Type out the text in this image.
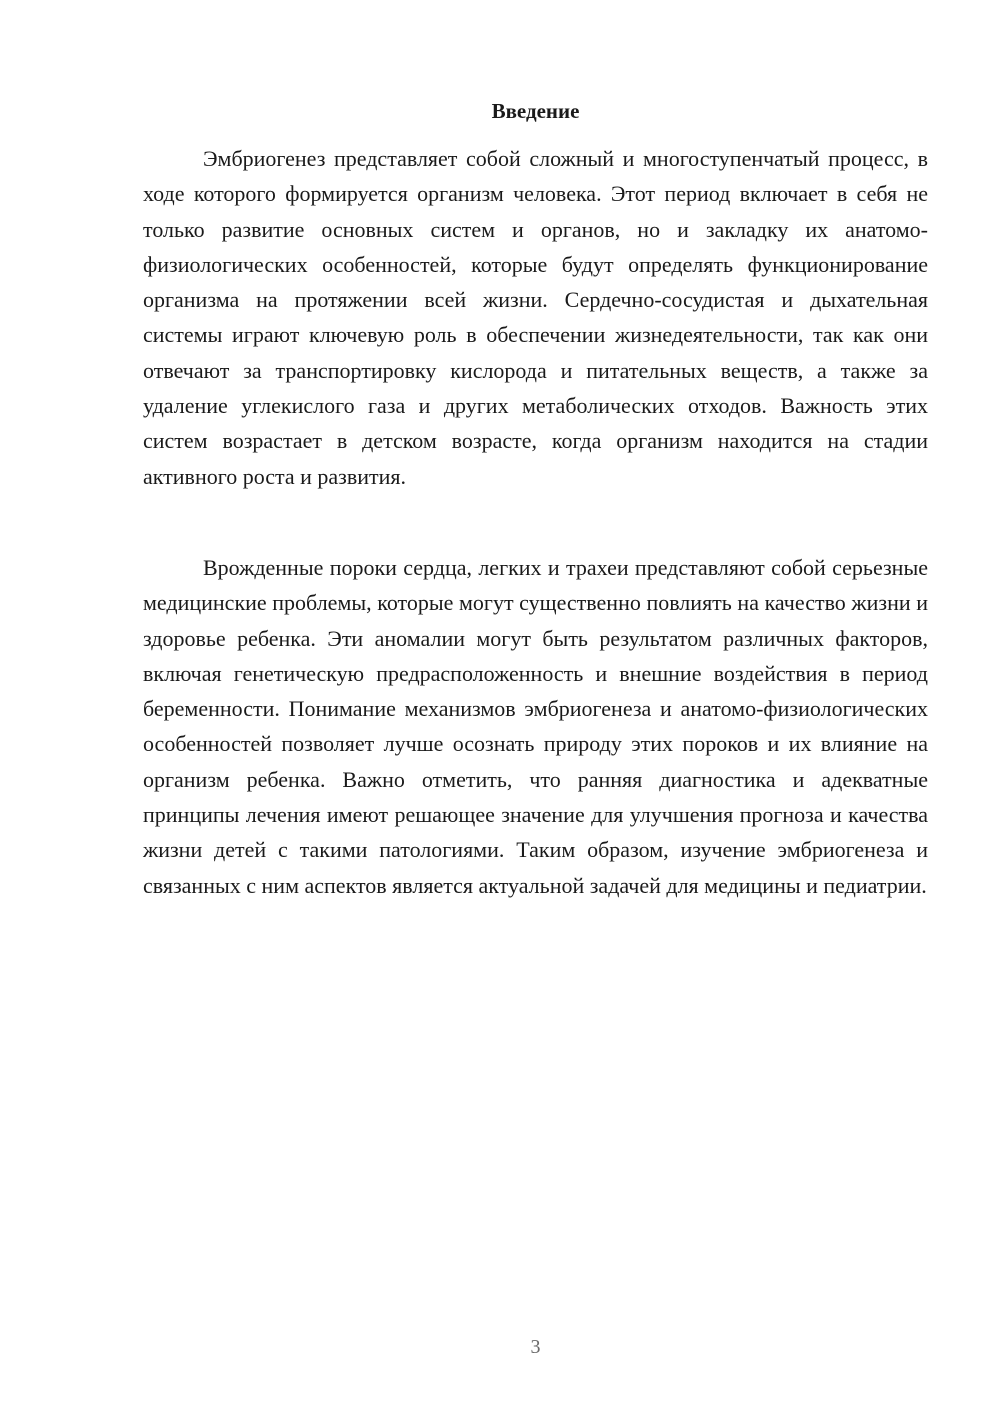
Введение

Эмбриогенез представляет собой сложный и многоступенчатый процесс, в ходе которого формируется организм человека. Этот период включает в себя не только развитие основных систем и органов, но и закладку их анатомо-физиологических особенностей, которые будут определять функционирование организма на протяжении всей жизни. Сердечно-сосудистая и дыхательная системы играют ключевую роль в обеспечении жизнедеятельности, так как они отвечают за транспортировку кислорода и питательных веществ, а также за удаление углекислого газа и других метаболических отходов. Важность этих систем возрастает в детском возрасте, когда организм находится на стадии активного роста и развития.

Врожденные пороки сердца, легких и трахеи представляют собой серьезные медицинские проблемы, которые могут существенно повлиять на качество жизни и здоровье ребенка. Эти аномалии могут быть результатом различных факторов, включая генетическую предрасположенность и внешние воздействия в период беременности. Понимание механизмов эмбриогенеза и анатомо-физиологических особенностей позволяет лучше осознать природу этих пороков и их влияние на организм ребенка. Важно отметить, что ранняя диагностика и адекватные принципы лечения имеют решающее значение для улучшения прогноза и качества жизни детей с такими патологиями. Таким образом, изучение эмбриогенеза и связанных с ним аспектов является актуальной задачей для медицины и педиатрии.

3
